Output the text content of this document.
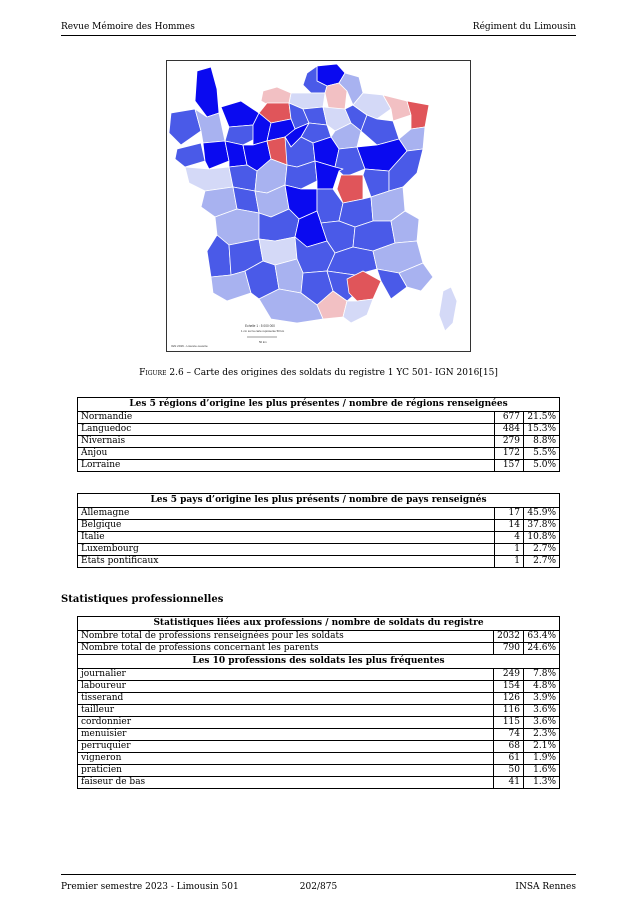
Revue Mémoire des Hommes	Régiment du Limousin
Echelle 1 : 5 000 000
1 cm sur la carte représente 50 km
50 km
IGN 2016 - Licence ouverte
Figure 2.6 – Carte des origines des soldats du registre 1 YC 501- IGN 2016[15]
Les 5 régions d’origine les plus présentes / nombre de régions renseignées		
Normandie	677	21.5%
Languedoc	484	15.3%
Nivernais	279	8.8%
Anjou	172	5.5%
Lorraine	157	5.0%
Les 5 pays d’origine les plus présents / nombre de pays renseignés		
Allemagne	17	45.9%
Belgique	14	37.8%
Italie	4	10.8%
Luxembourg	1	2.7%
Etats pontificaux	1	2.7%
Statistiques professionnelles
Statistiques liées aux professions / nombre de soldats du registre		
Nombre total de professions renseignées pour les soldats	2032	63.4%
Nombre total de professions concernant les parents	790	24.6%
Les 10 professions des soldats les plus fréquentes		
journalier	249	7.8%
laboureur	154	4.8%
tisserand	126	3.9%
tailleur	116	3.6%
cordonnier	115	3.6%
menuisier	74	2.3%
perruquier	68	2.1%
vigneron	61	1.9%
praticien	50	1.6%
faiseur de bas	41	1.3%
Premier semestre 2023 - Limousin 501	202/875	INSA Rennes
